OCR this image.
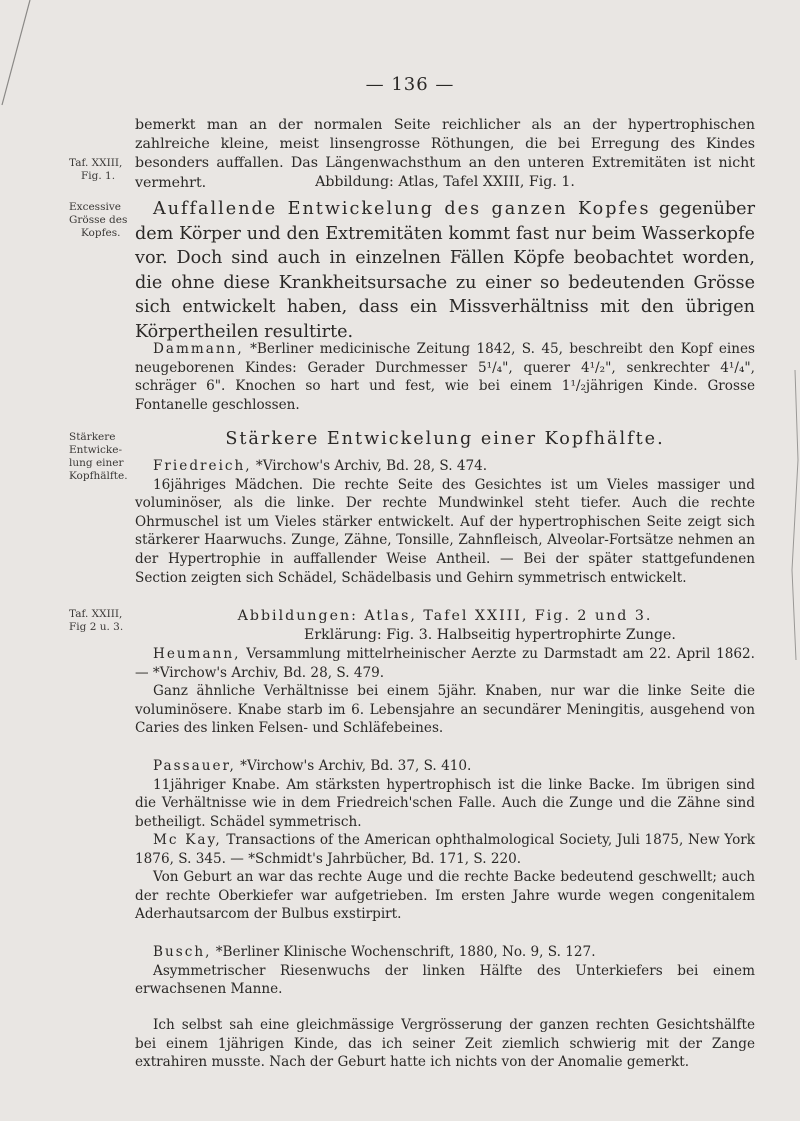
— 136 —
Taf. XXIII,
Fig. 1.
Excessive
Grösse des
Kopfes.
Stärkere
Entwicke-
lung einer
Kopfhälfte.
Taf. XXIII,
Fig 2 u. 3.

bemerkt man an der normalen Seite reichlicher als an der hypertrophischen zahlreiche kleine, meist linsengrosse Röthungen, die bei Erregung des Kindes besonders auffallen. Das Längenwachsthum an den unteren Extremitäten ist nicht vermehrt.	Abbildung: Atlas, Tafel XXIII, Fig. 1.

Auffallende Entwickelung des ganzen Kopfes gegenüber dem Körper und den Extremitäten kommt fast nur beim Wasserkopfe vor. Doch sind auch in einzelnen Fällen Köpfe beobachtet worden, die ohne diese Krankheitsursache zu einer so bedeutenden Grösse sich entwickelt haben, dass ein Missverhältniss mit den übrigen Körpertheilen resultirte.

Dammann, *Berliner medicinische Zeitung 1842, S. 45, beschreibt den Kopf eines neugeborenen Kindes: Gerader Durchmesser 5¹/₄", querer 4¹/₂", senkrechter 4¹/₄", schräger 6". Knochen so hart und fest, wie bei einem 1¹/₂jährigen Kinde. Grosse Fontanelle geschlossen.

Stärkere Entwickelung einer Kopfhälfte.

Friedreich, *Virchow's Archiv, Bd. 28, S. 474.

16jähriges Mädchen. Die rechte Seite des Gesichtes ist um Vieles massiger und voluminöser, als die linke. Der rechte Mundwinkel steht tiefer. Auch die rechte Ohrmuschel ist um Vieles stärker entwickelt. Auf der hypertrophischen Seite zeigt sich stärkerer Haarwuchs. Zunge, Zähne, Tonsille, Zahnfleisch, Alveolar-Fortsätze nehmen an der Hypertrophie in auffallender Weise Antheil. — Bei der später stattgefundenen Section zeigten sich Schädel, Schädelbasis und Gehirn symmetrisch entwickelt.

Abbildungen: Atlas, Tafel XXIII, Fig. 2 und 3.
Erklärung: Fig. 3. Halbseitig hypertrophirte Zunge.

Heumann, Versammlung mittelrheinischer Aerzte zu Darmstadt am 22. April 1862. — *Virchow's Archiv, Bd. 28, S. 479.

Ganz ähnliche Verhältnisse bei einem 5jähr. Knaben, nur war die linke Seite die voluminösere. Knabe starb im 6. Lebensjahre an secundärer Meningitis, ausgehend von Caries des linken Felsen- und Schläfebeines.

Passauer, *Virchow's Archiv, Bd. 37, S. 410.

11jähriger Knabe. Am stärksten hypertrophisch ist die linke Backe. Im übrigen sind die Verhältnisse wie in dem Friedreich'schen Falle. Auch die Zunge und die Zähne sind betheiligt. Schädel symmetrisch.

Mc Kay, Transactions of the American ophthalmological Society, Juli 1875, New York 1876, S. 345. — *Schmidt's Jahrbücher, Bd. 171, S. 220.

Von Geburt an war das rechte Auge und die rechte Backe bedeutend geschwellt; auch der rechte Oberkiefer war aufgetrieben. Im ersten Jahre wurde wegen congenitalem Aderhautsarcom der Bulbus exstirpirt.

Busch, *Berliner Klinische Wochenschrift, 1880, No. 9, S. 127.

Asymmetrischer Riesenwuchs der linken Hälfte des Unterkiefers bei einem erwachsenen Manne.

Ich selbst sah eine gleichmässige Vergrösserung der ganzen rechten Gesichtshälfte bei einem 1jährigen Kinde, das ich seiner Zeit ziemlich schwierig mit der Zange extrahiren musste. Nach der Geburt hatte ich nichts von der Anomalie gemerkt.
